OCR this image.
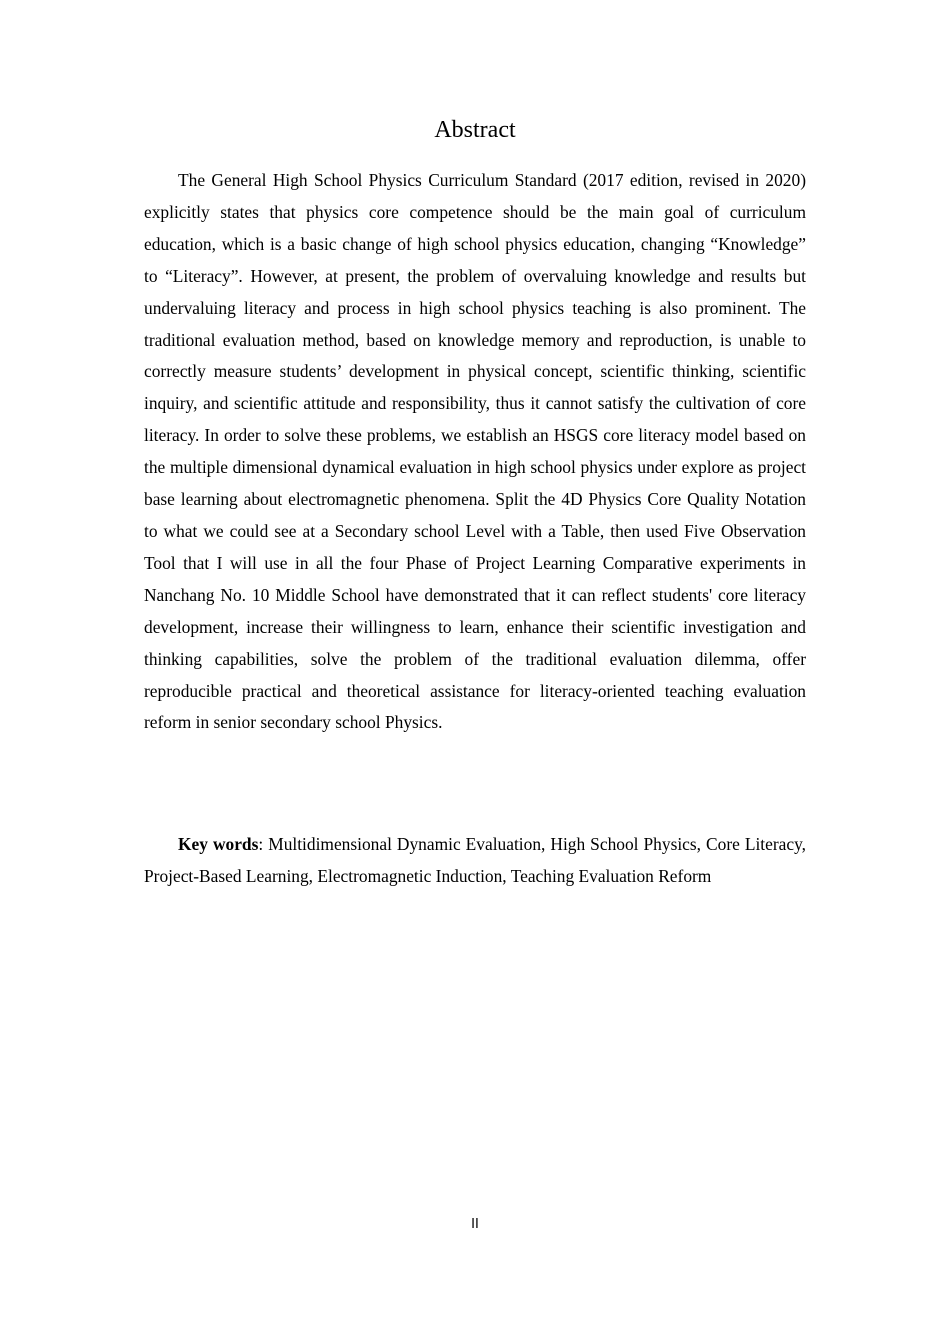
Abstract

The General High School Physics Curriculum Standard (2017 edition, revised in 2020) explicitly states that physics core competence should be the main goal of curriculum education, which is a basic change of high school physics education, changing “Knowledge” to “Literacy”. However, at present, the problem of overvaluing knowledge and results but undervaluing literacy and process in high school physics teaching is also prominent. The traditional evaluation method, based on knowledge memory and reproduction, is unable to correctly measure students’ development in physical concept, scientific thinking, scientific inquiry, and scientific attitude and responsibility, thus it cannot satisfy the cultivation of core literacy. In order to solve these problems, we establish an HSGS core literacy model based on the multiple dimensional dynamical evaluation in high school physics under explore as project base learning about electromagnetic phenomena. Split the 4D Physics Core Quality Notation to what we could see at a Secondary school Level with a Table, then used Five Observation Tool that I will use in all the four Phase of Project Learning Comparative experiments in Nanchang No. 10 Middle School have demonstrated that it can reflect students' core literacy development, increase their willingness to learn, enhance their scientific investigation and thinking capabilities, solve the problem of the traditional evaluation dilemma, offer reproducible practical and theoretical assistance for literacy-oriented teaching evaluation reform in senior secondary school Physics.

Key words: Multidimensional Dynamic Evaluation, High School Physics, Core Literacy, Project-Based Learning, Electromagnetic Induction, Teaching Evaluation Reform

II
